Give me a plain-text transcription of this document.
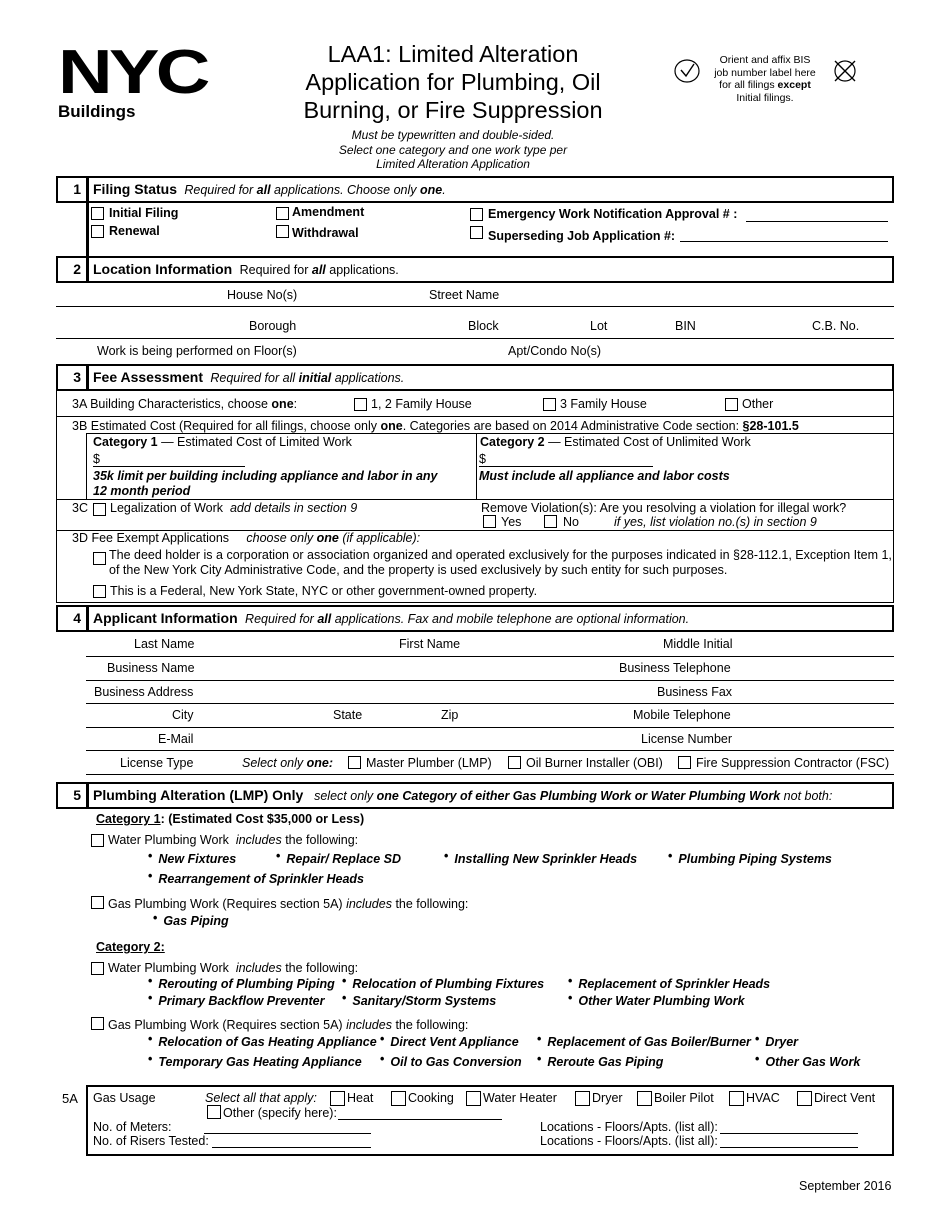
NYC
Buildings
LAA1: Limited Alteration
Application for Plumbing, Oil
Burning, or Fire Suppression
Must be typewritten and double-sided.
Select one category and one work type per
Limited Alteration Application
Orient and affix BIS
job number label here
for all filings except
Initial filings.
1 Filing Status Required for all applications. Choose only one.
Initial Filing
Renewal
Amendment
Withdrawal
Emergency Work Notification Approval # :
Superseding Job Application #:
2 Location Information Required for all applications.
House No(s)	Street Name
Borough	Block	Lot	BIN	C.B. No.
Work is being performed on Floor(s)	Apt/Condo No(s)
3 Fee Assessment Required for all initial applications.
3A Building Characteristics, choose one:	1, 2 Family House	3 Family House	Other
3B Estimated Cost (Required for all filings, choose only one. Categories are based on 2014 Administrative Code section: §28-101.5
Category 1 — Estimated Cost of Limited Work
$
35k limit per building including appliance and labor in any
12 month period
Category 2 — Estimated Cost of Unlimited Work
$
Must include all appliance and labor costs
3C Legalization of Work add details in section 9	Remove Violation(s): Are you resolving a violation for illegal work?
Yes	No	if yes, list violation no.(s) in section 9
3D Fee Exempt Applications choose only one (if applicable):
The deed holder is a corporation or association organized and operated exclusively for the purposes indicated in §28-112.1, Exception Item 1,
of the New York City Administrative Code, and the property is used exclusively by such entity for such purposes.
This is a Federal, New York State, NYC or other government-owned property.
4 Applicant Information Required for all applications. Fax and mobile telephone are optional information.
Last Name	First Name	Middle Initial
Business Name	Business Telephone
Business Address	Business Fax
City	State	Zip	Mobile Telephone
E-Mail	License Number
License Type	Select only one:	Master Plumber (LMP)	Oil Burner Installer (OBI)	Fire Suppression Contractor (FSC)
5 Plumbing Alteration (LMP) Only select only one Category of either Gas Plumbing Work or Water Plumbing Work not both:
Category 1: (Estimated Cost $35,000 or Less)
Water Plumbing Work includes the following:
• New Fixtures	• Repair/ Replace SD	• Installing New Sprinkler Heads	• Plumbing Piping Systems
• Rearrangement of Sprinkler Heads
Gas Plumbing Work (Requires section 5A) includes the following:
• Gas Piping
Category 2:
Water Plumbing Work includes the following:
• Rerouting of Plumbing Piping	• Relocation of Plumbing Fixtures	• Replacement of Sprinkler Heads
• Primary Backflow Preventer	• Sanitary/Storm Systems	• Other Water Plumbing Work
Gas Plumbing Work (Requires section 5A) includes the following:
• Relocation of Gas Heating Appliance	• Direct Vent Appliance	• Replacement of Gas Boiler/Burner	• Dryer
• Temporary Gas Heating Appliance	• Oil to Gas Conversion	• Reroute Gas Piping	• Other Gas Work
5A Gas Usage	Select all that apply: Heat	Cooking Water Heater	Dryer	Boiler Pilot	HVAC	Direct Vent
Other (specify here):
No. of Meters:
No. of Risers Tested:
Locations - Floors/Apts. (list all):
Locations - Floors/Apts. (list all):
September 2016
